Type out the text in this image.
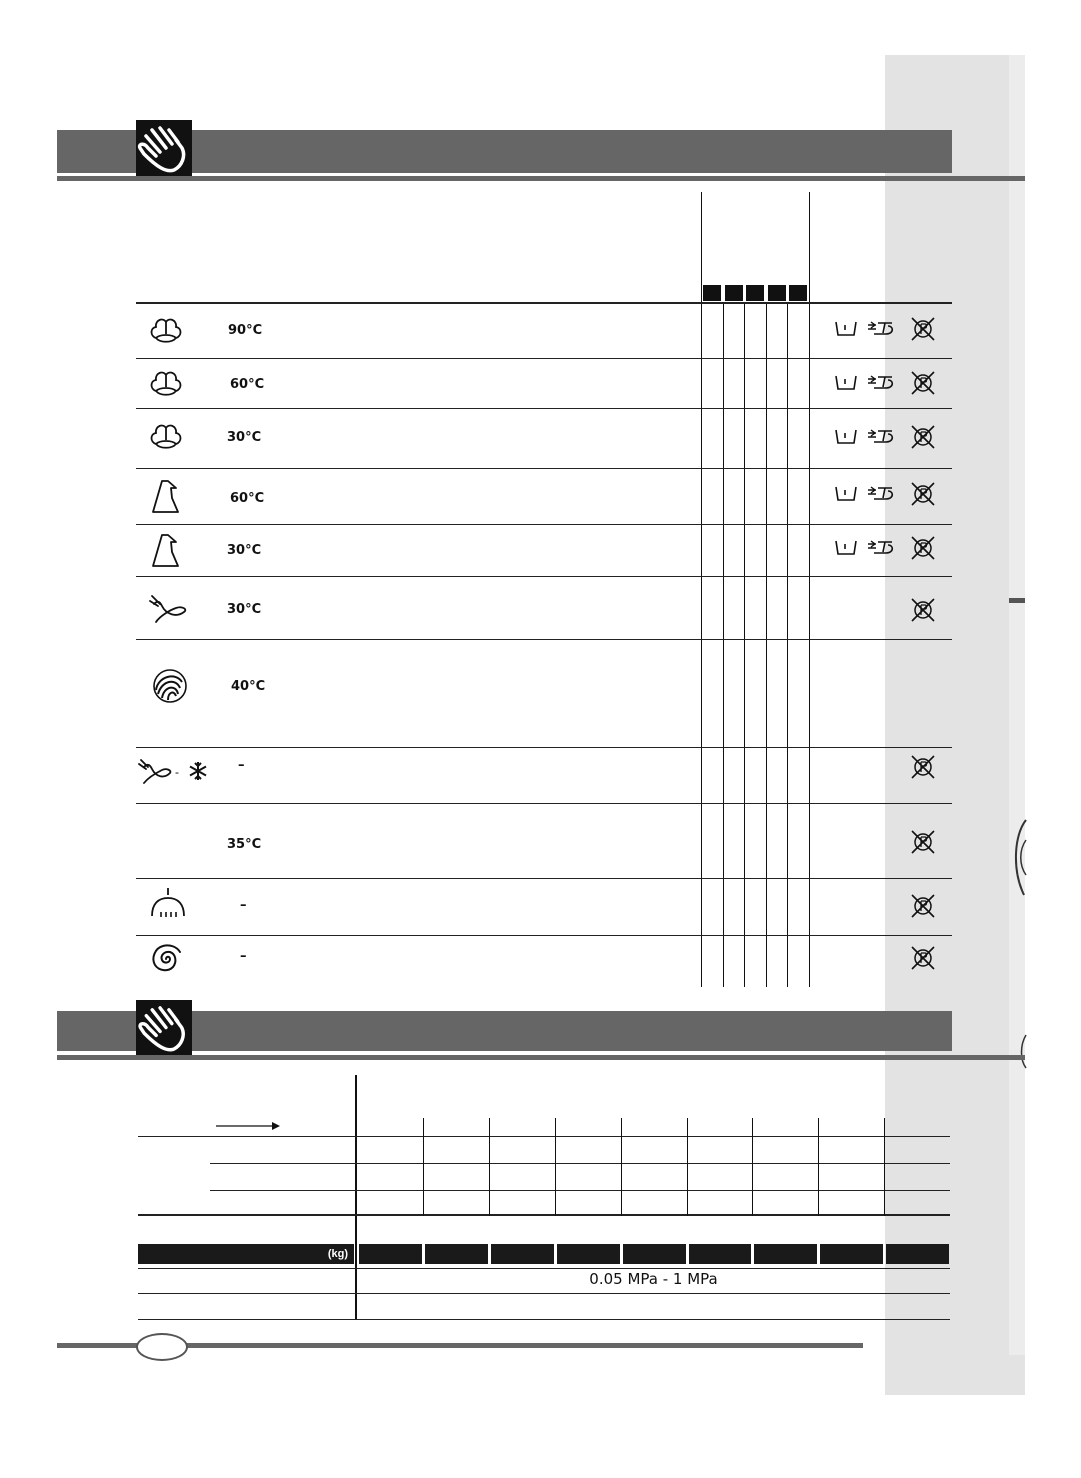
-
90°C
60°C
30°C
60°C
30°C
30°C
40°C
–
35°C
–
–
(kg)
0.05 MPa - 1 MPa
